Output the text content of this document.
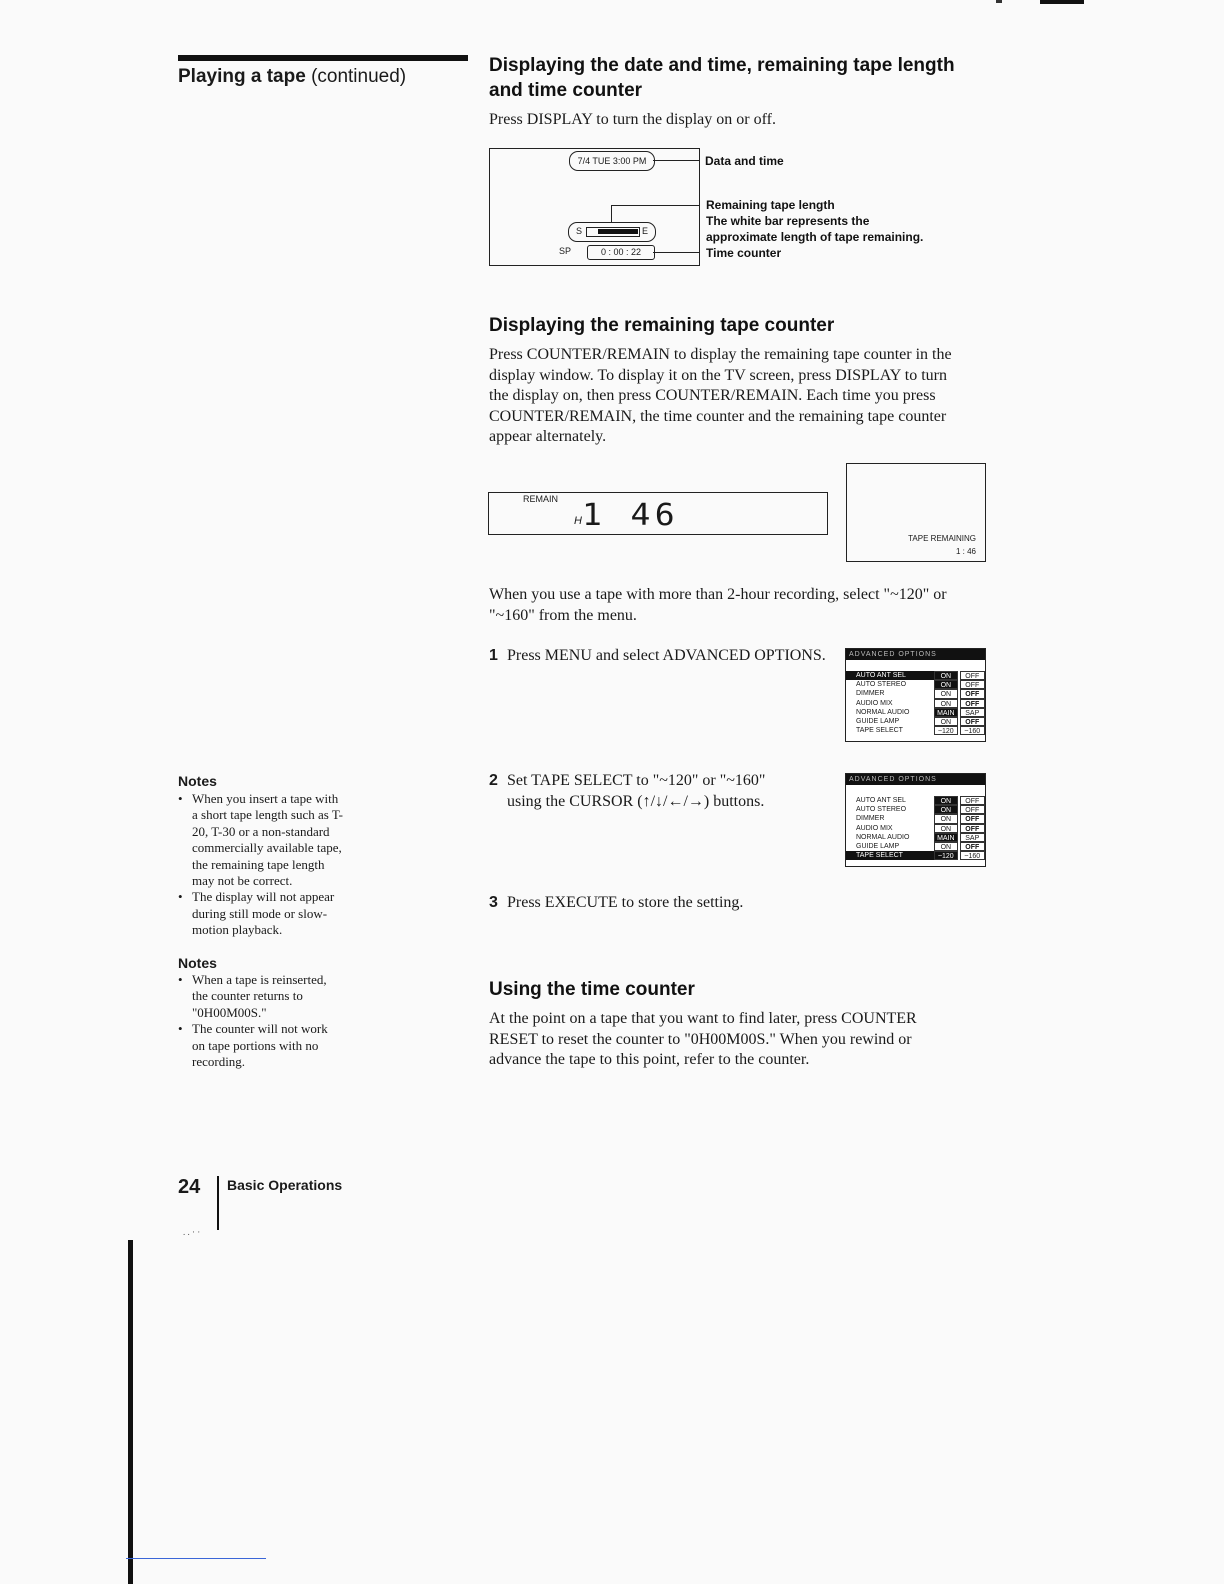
Playing a tape (continued)
Displaying the date and time, remaining tape length
and time counter

Press DISPLAY to turn the display on or off.

7/4 TUE 3:00 PM
S	E
SP	0 : 00 : 22
Data and time
Remaining tape length
The white bar represents the
approximate length of tape remaining.
Time counter
Displaying the remaining tape counter
Press COUNTER/REMAIN to display the remaining tape counter in the
display window. To display it on the TV screen, press DISPLAY to turn
the display on, then press COUNTER/REMAIN. Each time you press
COUNTER/REMAIN, the time counter and the remaining tape counter
appear alternately.
REMAIN
H 1 46
TAPE REMAINING
1 : 46
When you use a tape with more than 2-hour recording, select "~120" or
"~160" from the menu.
1 Press MENU and select ADVANCED OPTIONS.	ADVANCED OPTIONS
AUTO ANT SEL	ON	OFF
AUTO STEREO	ON	OFF
DIMMER	ON	OFF
AUDIO MIX	ON	OFF
NORMAL AUDIO	MAIN	SAP
GUIDE LAMP	ON	OFF
TAPE SELECT	~120	~160
2 Set TAPE SELECT to "~120" or "~160"
using the CURSOR (↑/↓/←/→) buttons.
ADVANCED OPTIONS
AUTO ANT SEL	ON	OFF
AUTO STEREO	ON	OFF
DIMMER	ON	OFF
AUDIO MIX	ON	OFF
NORMAL AUDIO	MAIN	SAP
GUIDE LAMP	ON	OFF
TAPE SELECT	~120	~160
3 Press EXECUTE to store the setting.
Using the time counter
At the point on a tape that you want to find later, press COUNTER
RESET to reset the counter to "0H00M00S." When you rewind or
advance the tape to this point, refer to the counter.
Notes
• When you insert a tape with
a short tape length such as T-
20, T-30 or a non-standard
commercially available tape,
the remaining tape length
may not be correct.
• The display will not appear
during still mode or slow-
motion playback.
Notes
• When a tape is reinserted,
the counter returns to
"0H00M00S."
• The counter will not work
on tape portions with no
recording.
24 Basic Operations
. . · ·
